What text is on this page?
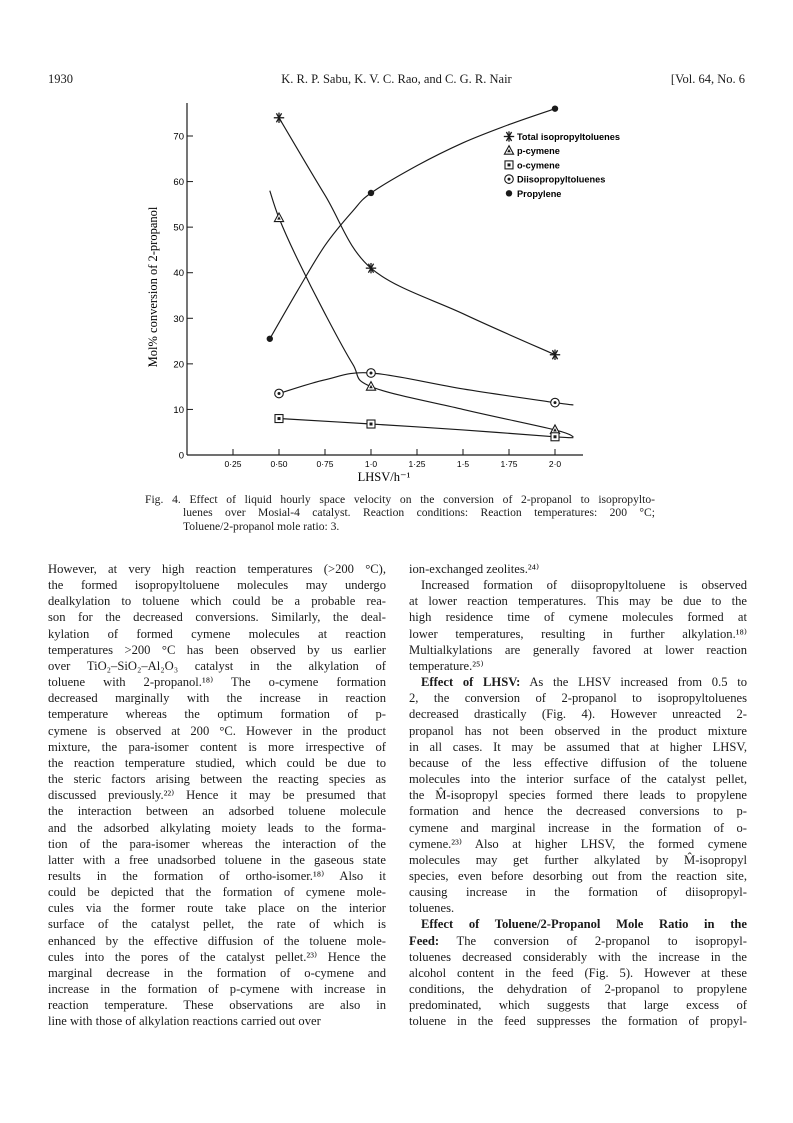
1930	K. R. P. Sabu, K. V. C. Rao, and C. G. R. Nair	[Vol. 64, No. 6
0
10
20
30
40
50
60
70
0·25	0·50	0·75	1·0	1·25	1·5	1·75	2·0
LHSV/h⁻¹
Mol% conversion of 2-propanol
Total isopropyltoluenes
p-cymene
o-cymene
Diisopropyltoluenes
Propylene
Fig. 4. Effect of liquid hourly space velocity on the conversion of 2-propanol to isopropylto-
luenes over Mosial-4 catalyst. Reaction conditions: Reaction temperatures: 200 °C;
Toluene/2-propanol mole ratio: 3.

However, at very high reaction temperatures (>200 °C),

the formed isopropyltoluene molecules may undergo

dealkylation to toluene which could be a probable rea-

son for the decreased conversions. Similarly, the deal-

kylation of formed cymene molecules at reaction

temperatures >200 °C has been observed by us earlier

over TiO₂–SiO₂–Al₂O₃ catalyst in the alkylation of

toluene with 2-propanol.¹⁸⁾ The o-cymene formation

decreased marginally with the increase in reaction

temperature whereas the optimum formation of p-

cymene is observed at 200 °C. However in the product

mixture, the para-isomer content is more irrespective of

the reaction temperature studied, which could be due to

the steric factors arising between the reacting species as

discussed previously.²²⁾ Hence it may be presumed that

the interaction between an adsorbed toluene molecule

and the adsorbed alkylating moiety leads to the forma-

tion of the para-isomer whereas the interaction of the

latter with a free unadsorbed toluene in the gaseous state

results in the formation of ortho-isomer.¹⁸⁾ Also it

could be depicted that the formation of cymene mole-

cules via the former route take place on the interior

surface of the catalyst pellet, the rate of which is

enhanced by the effective diffusion of the toluene mole-

cules into the pores of the catalyst pellet.²³⁾ Hence the

marginal decrease in the formation of o-cymene and

increase in the formation of p-cymene with increase in

reaction temperature. These observations are also in

line with those of alkylation reactions carried out over

ion-exchanged zeolites.²⁴⁾

Increased formation of diisopropyltoluene is observed

at lower reaction temperatures. This may be due to the

high residence time of cymene molecules formed at

lower temperatures, resulting in further alkylation.¹⁸⁾

Multialkylations are generally favored at lower reaction

temperature.²⁵⁾

Effect of LHSV: As the LHSV increased from 0.5 to

2, the conversion of 2-propanol to isopropyltoluenes

decreased drastically (Fig. 4). However unreacted 2-

propanol has not been observed in the product mixture

in all cases. It may be assumed that at higher LHSV,

because of the less effective diffusion of the toluene

molecules into the interior surface of the catalyst pellet,

the M̂-isopropyl species formed there leads to propylene

formation and hence the decreased conversions to p-

cymene and marginal increase in the formation of o-

cymene.²³⁾ Also at higher LHSV, the formed cymene

molecules may get further alkylated by M̂-isopropyl

species, even before desorbing out from the reaction site,

causing increase in the formation of diisopropyl-

toluenes.

Effect of Toluene/2-Propanol Mole Ratio in the

Feed: The conversion of 2-propanol to isopropyl-

toluenes decreased considerably with the increase in the

alcohol content in the feed (Fig. 5). However at these

conditions, the dehydration of 2-propanol to propylene

predominated, which suggests that large excess of

toluene in the feed suppresses the formation of propyl-
